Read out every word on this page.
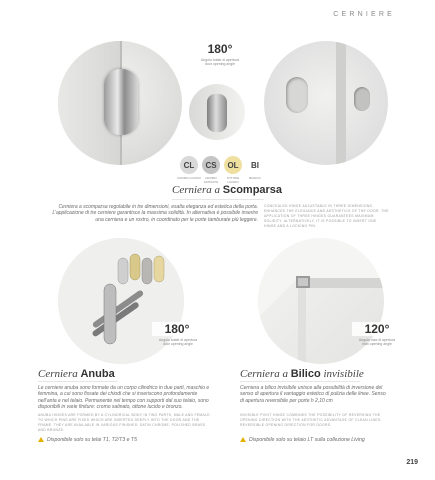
CERNIERE
180°
Angolo totale di apertura
door opening angle
CL CS OL BI
CROMO LUCIDO	CROMO SATINATO
OTTONE LUCIDO
BIANCO
Cerniera a Scomparsa
Cerniera a scomparsa regolabile in tre dimensioni, esalta eleganza ed estetica della porta. L’applicazione di tre cerniere garantisce la massima solidità. In alternativa è possibile inserire una cerniera e un rostro, in coordinato per le porte tamburate più leggere.
CONCEALED HINGE ADJUSTABLE IN THREE DIMENSIONS, ENHANCES THE ELEGANCE AND AESTHETICS OF THE DOOR. THE APPLICATION OF THREE HINGES GUARANTEES MAXIMUM SOLIDITY. ALTERNATIVELY, IT IS POSSIBLE TO INSERT ONE HINGE AND A LOCKING PIN.
180°
Angolo totale di apertura
door opening angle
120°
Angolo max di apertura
max opening angle
Cerniera Anuba
Le cerniere anuba sono formate da un corpo cilindrico in due parti, maschio e femmina, a cui sono fissate dei chiodi che si inseriscono profondamente nell’anta e nel telaio. Permanente nel tempo con supporti dal suo telaio, sono disponibili in varie finiture: cromo satinato, ottone lucido e bronzo.
ANUBA HINGES ARE FORMED BY A CYLINDRICAL BODY IN TWO PARTS, MALE AND FEMALE, TO WHICH PINS ARE FIXED WHICH ARE INSERTED DEEPLY INTO THE DOOR AND THE FRAME. THEY ARE AVAILABLE IN VARIOUS FINISHES: SATIN CHROME, POLISHED BRASS AND BRONZE.
Disponibile solo su telai T1, T2/T3 e T5
Cerniera a Bilico invisibile
Cerniera a bilico invisibile unisce alla possibilità di inversione del senso di apertura il vantaggio estetico di pulizia delle linee. Senso di apertura reversibile per porte h 2,10 cm
INVISIBLE PIVOT HINGE COMBINES THE POSSIBILITY OF REVERSING THE OPENING DIRECTION WITH THE AESTHETIC ADVANTAGE OF CLEAN LINES. REVERSIBLE OPENING DIRECTION FOR DOORS.
Disponibile solo su telaio LT sulla collezione Living
219
